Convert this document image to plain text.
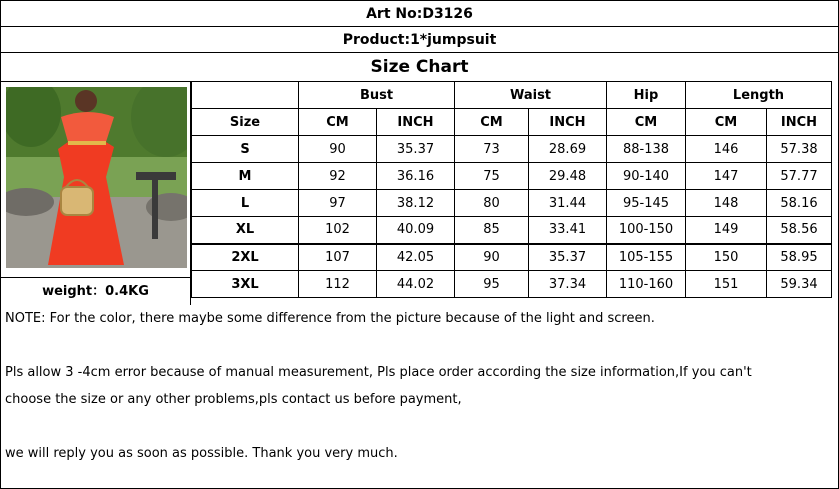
Art No:D3126
Product:1*jumpsuit
Size Chart
weight：0.4KG
	Bust		Waist		Hip	Length	
Size	CM	INCH	CM	INCH	CM	CM	INCH
S	90	35.37	73	28.69	88-138	146	57.38
M	92	36.16	75	29.48	90-140	147	57.77
L	97	38.12	80	31.44	95-145	148	58.16
XL	102	40.09	85	33.41	100-150	149	58.56
2XL	107	42.05	90	35.37	105-155	150	58.95
3XL	112	44.02	95	37.34	110-160	151	59.34

NOTE: For the color, there maybe some difference from the picture because of the light and screen.

Pls allow 3 -4cm error because of manual measurement, Pls place order according the size information,If you can't

choose the size or any other problems,pls contact us before payment,

we will reply you as soon as possible. Thank you very much.
